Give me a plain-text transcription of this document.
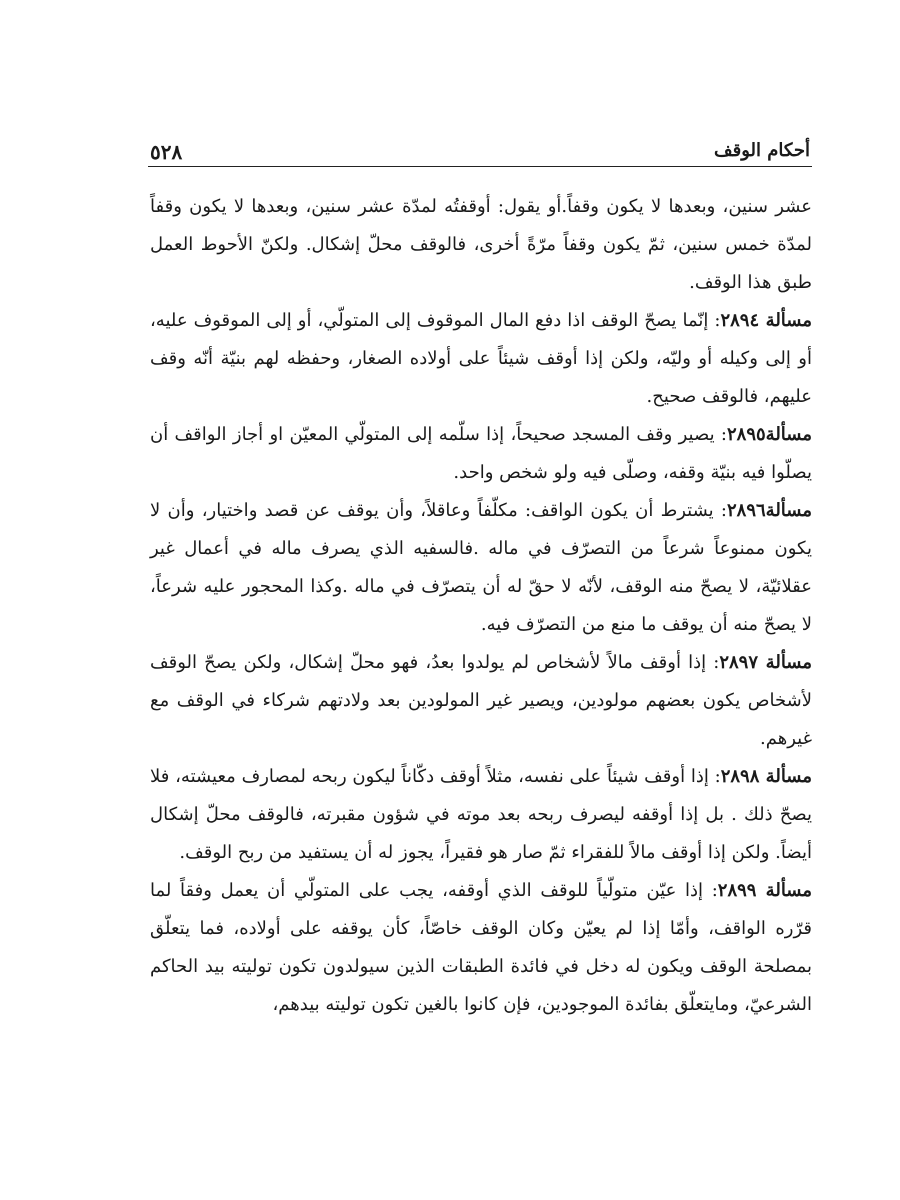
٥٢٨	أحكام الوقف

عشر سنين، وبعدها لا يكون وقفاً.أو يقول: أوقفتُه لمدّة عشر سنين، وبعدها لا يكون وقفاً لمدّة خمس سنين، ثمّ يكون وقفاً مرّةً أخرى، فالوقف محلّ إشكال. ولكنّ الأحوط العمل طبق هذا الوقف.

مسألة ٢٨٩٤: إنّما يصحّ الوقف اذا دفع المال الموقوف إلى المتولّي، أو إلى الموقوف عليه، أو إلى وكيله أو وليّه، ولكن إذا أوقف شيئاً على أولاده الصغار، وحفظه لهم بنيّة أنّه وقف عليهم، فالوقف صحيح.

مسألة٢٨٩٥: يصير وقف المسجد صحيحاً، إذا سلّمه إلى المتولّي المعيّن او أجاز الواقف أن يصلّوا فيه بنيّة وقفه، وصلّى فيه ولو شخص واحد.

مسألة٢٨٩٦: يشترط أن يكون الواقف: مكلّفاً وعاقلاً، وأن يوقف عن قصد واختيار، وأن لا يكون ممنوعاً شرعاً من التصرّف في ماله .فالسفيه الذي يصرف ماله في أعمال غير عقلائيّة، لا يصحّ منه الوقف، لأنّه لا حقّ له أن يتصرّف في ماله .وكذا المحجور عليه شرعاً، لا يصحّ منه أن يوقف ما منع من التصرّف فيه.

مسألة ٢٨٩٧: إذا أوقف مالاً لأشخاص لم يولدوا بعدُ، فهو محلّ إشكال، ولكن يصحّ الوقف لأشخاص يكون بعضهم مولودين، ويصير غير المولودين بعد ولادتهم شركاء في الوقف مع غيرهم.

مسألة ٢٨٩٨: إذا أوقف شيئاً على نفسه، مثلاً أوقف دكّاناً ليكون ربحه لمصارف معيشته، فلا يصحّ ذلك . بل إذا أوقفه ليصرف ربحه بعد موته في شؤون مقبرته، فالوقف محلّ إشكال أيضاً. ولكن إذا أوقف مالاً للفقراء ثمّ صار هو فقيراً، يجوز له أن يستفيد من ربح الوقف.

مسألة ٢٨٩٩: إذا عيّن متولّياً للوقف الذي أوقفه، يجب على المتولّي أن يعمل وفقاً لما قرّره الواقف، وأمّا إذا لم يعيّن وكان الوقف خاصّاً، كأن يوقفه على أولاده، فما يتعلّق بمصلحة الوقف ويكون له دخل في فائدة الطبقات الذين سيولدون تكون توليته بيد الحاكم الشرعيّ، ومايتعلّق بفائدة الموجودين، فإن كانوا بالغين تكون توليته بيدهم،
